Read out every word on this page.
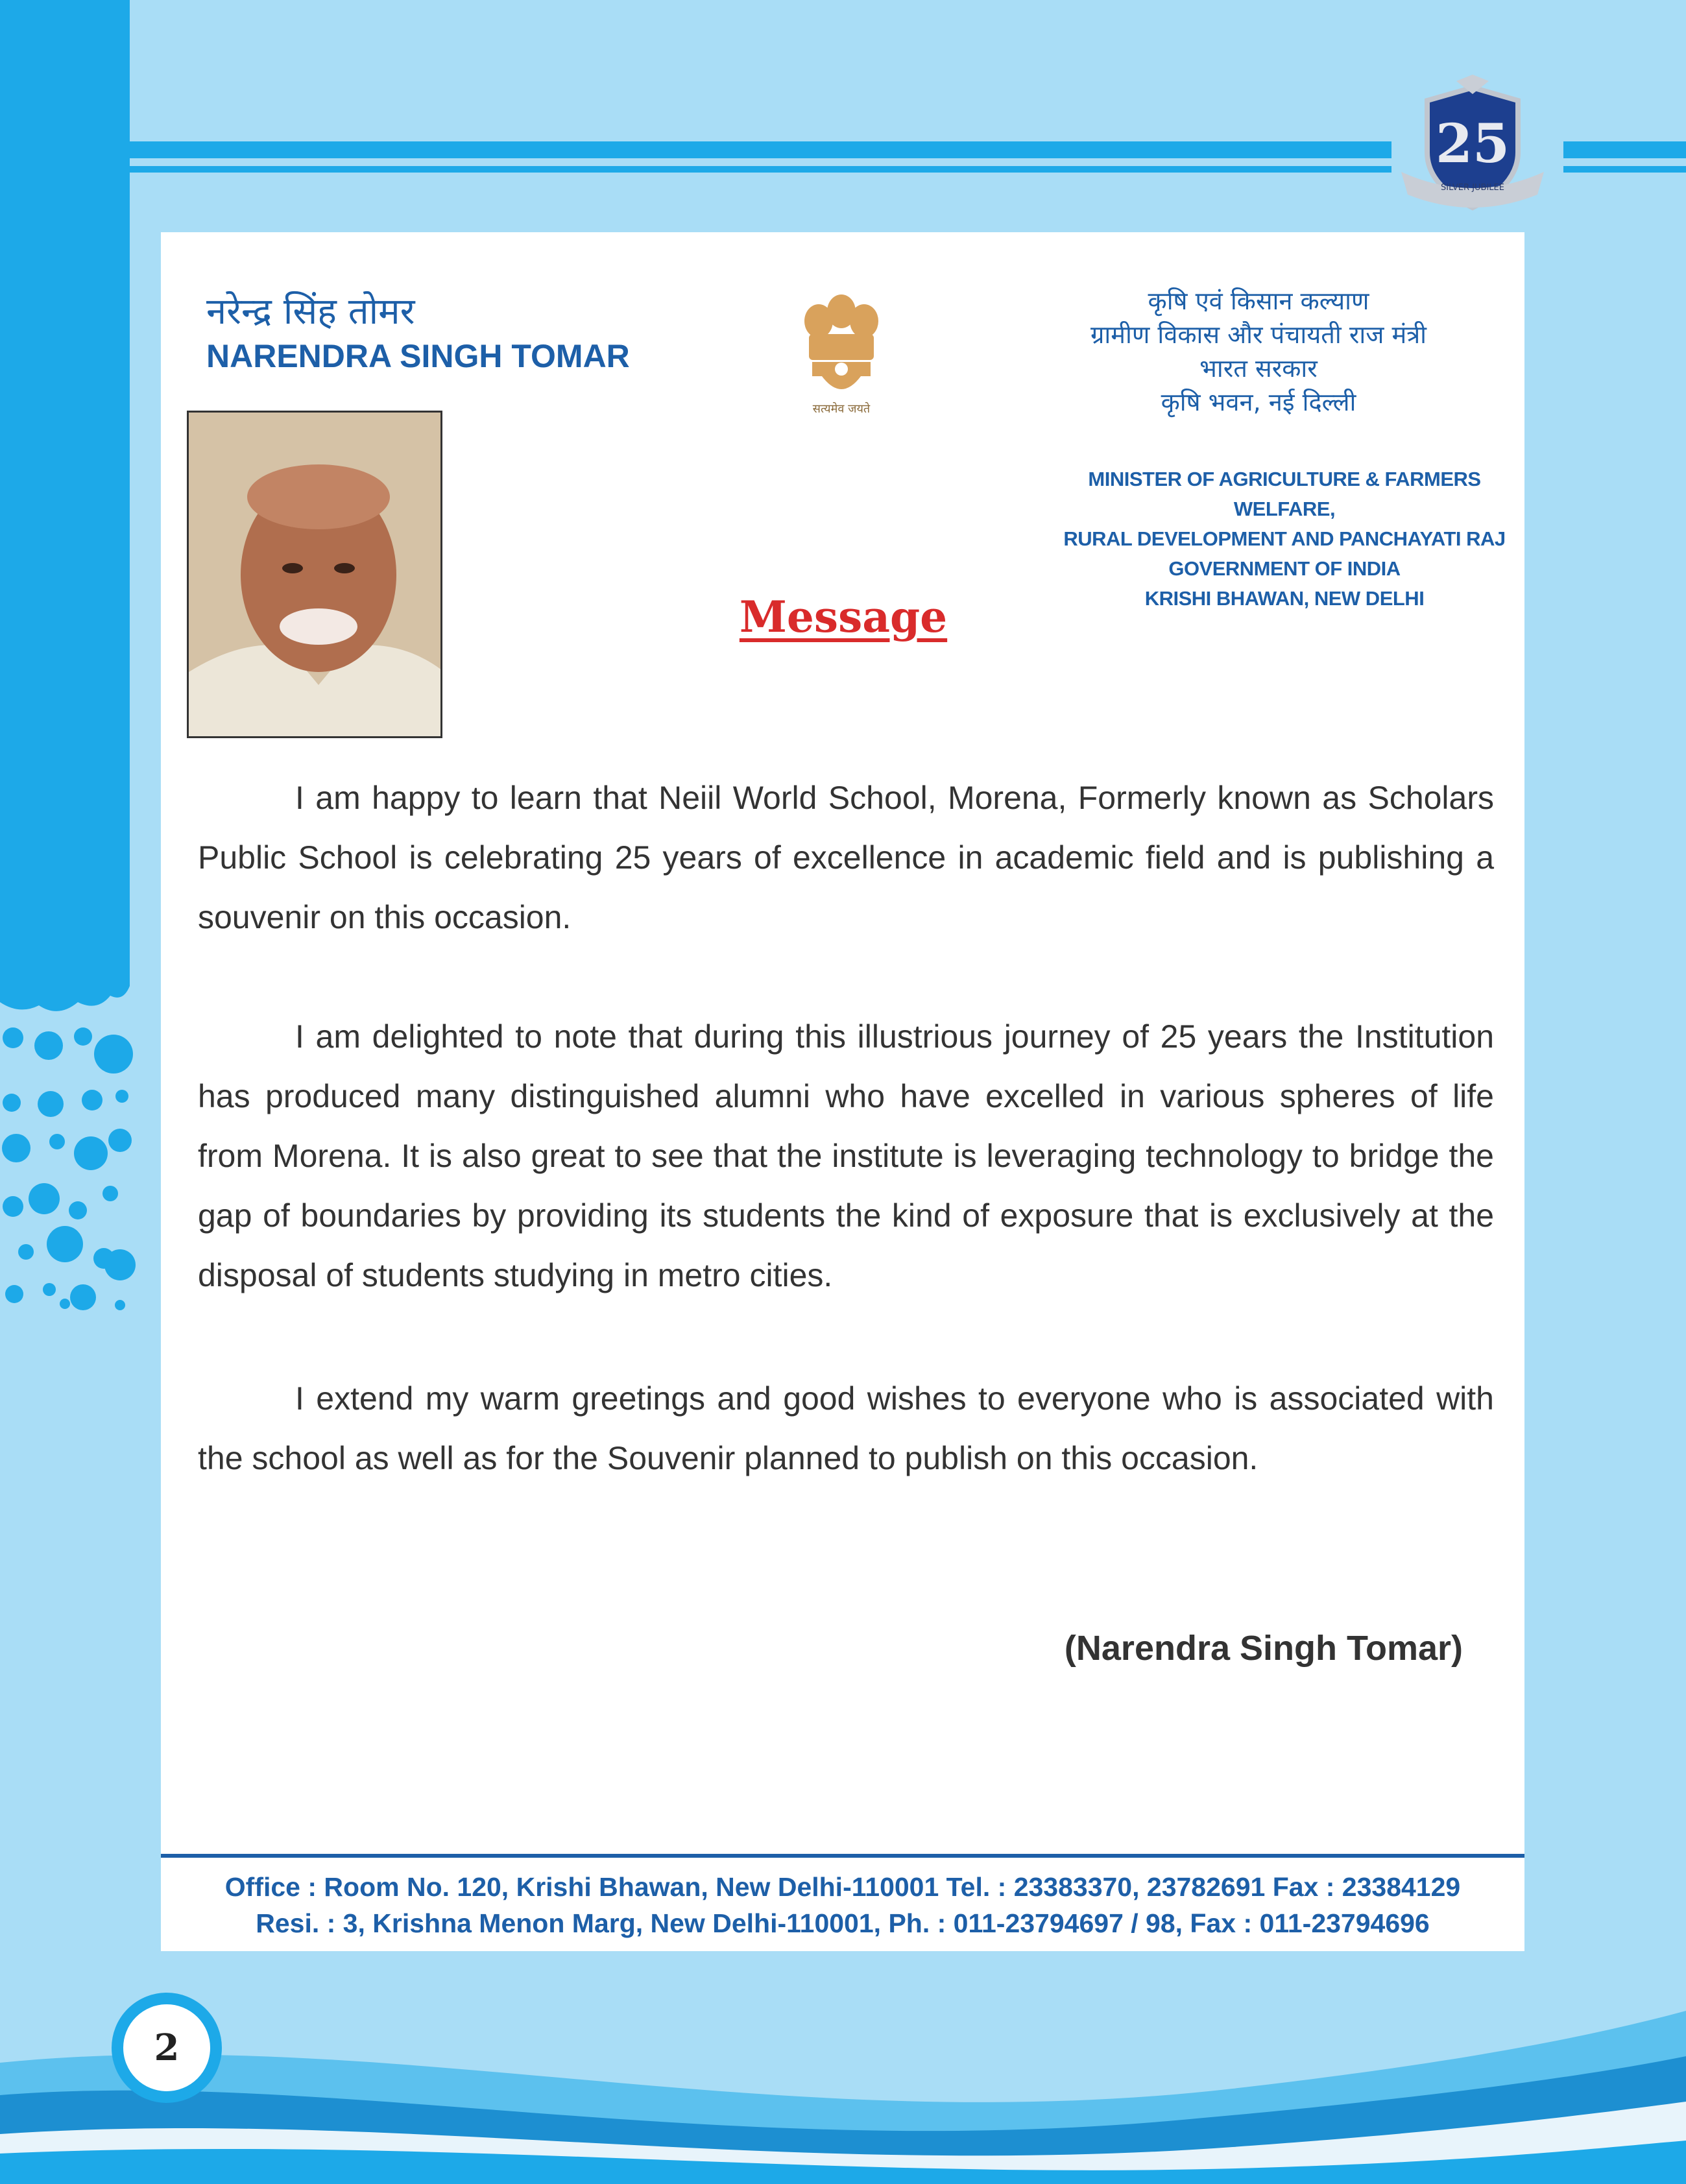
25
SILVER JUBILEE
नरेन्द्र सिंह तोमर
NARENDRA SINGH TOMAR
सत्यमेव जयते
कृषि एवं किसान कल्याण
ग्रामीण विकास और पंचायती राज मंत्री
भारत सरकार
कृषि भवन, नई दिल्ली
MINISTER OF AGRICULTURE & FARMERS WELFARE,
RURAL DEVELOPMENT AND PANCHAYATI RAJ
GOVERNMENT OF INDIA
KRISHI BHAWAN, NEW DELHI
Message

I am happy to learn that Neiil World School, Morena, Formerly known as Scholars Public School is celebrating 25 years of excellence in academic field and is publishing a souvenir on this occasion.

I am delighted to note that during this illustrious journey of 25 years the Institution has produced many distinguished alumni who have excelled in various spheres of life from Morena. It is also great to see that the institute is leveraging technology to bridge the gap of boundaries by providing its students the kind of exposure that is exclusively at the disposal of students studying in metro cities.

I extend my warm greetings and good wishes to everyone who is associated with the school as well as for the Souvenir planned to publish on this occasion.

(Narendra Singh Tomar)
Office : Room No. 120, Krishi Bhawan, New Delhi-110001 Tel. : 23383370, 23782691 Fax : 23384129
Resi. : 3, Krishna Menon Marg, New Delhi-110001, Ph. : 011-23794697 / 98, Fax : 011-23794696
2
